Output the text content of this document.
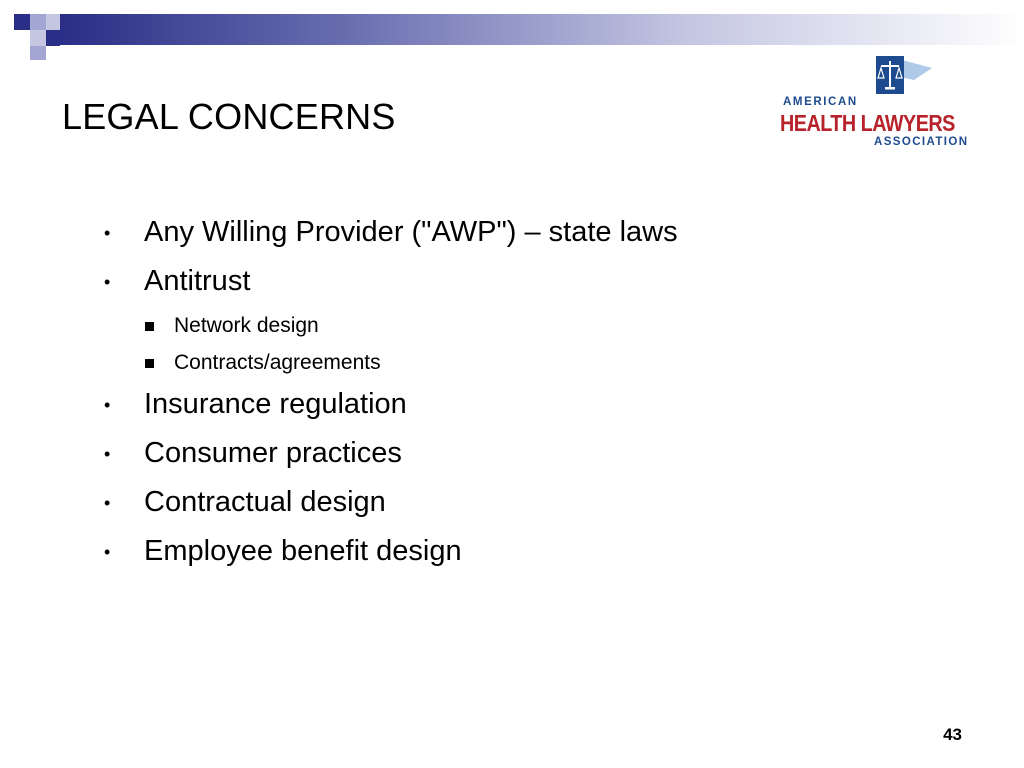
LEGAL CONCERNS	AMERICAN
HEALTH LAWYERS
ASSOCIATION
• Any Willing Provider ("AWP") – state laws
• Antitrust
Network design
Contracts/agreements
• Insurance regulation
• Consumer practices
• Contractual design
• Employee benefit design
43
